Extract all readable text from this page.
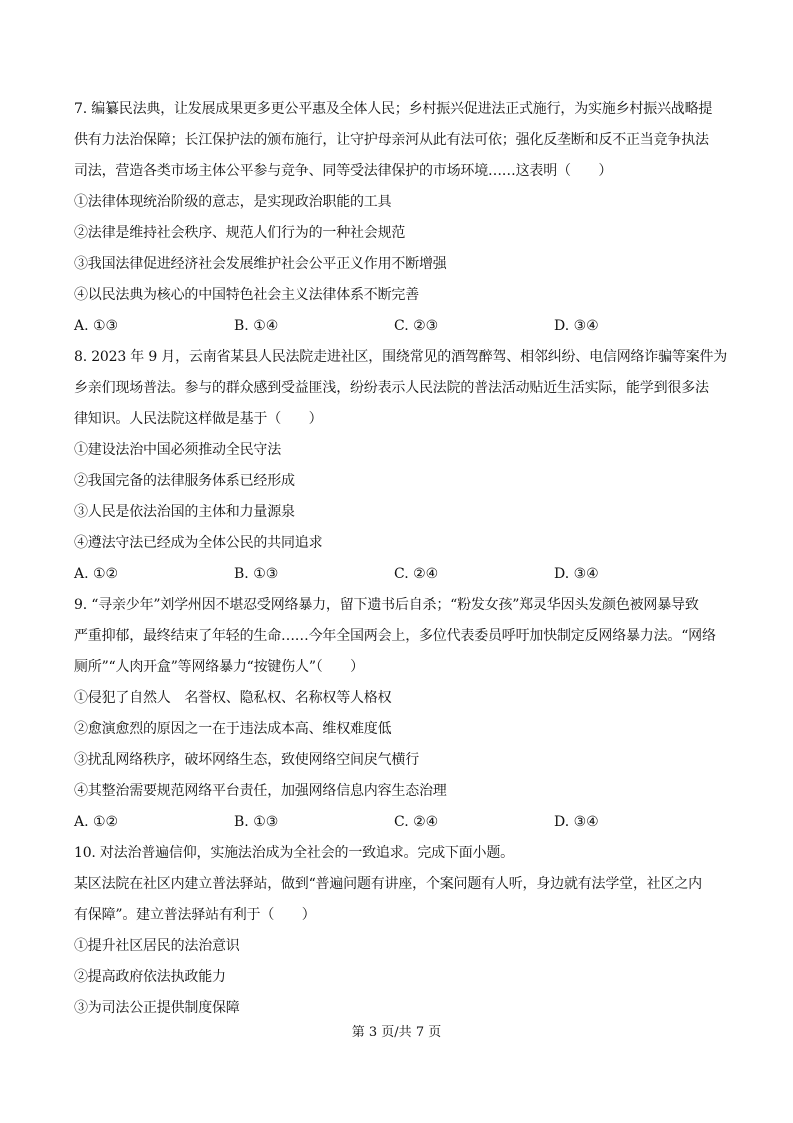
7. 编纂民法典，让发展成果更多更公平惠及全体人民；乡村振兴促进法正式施行，为实施乡村振兴战略提
供有力法治保障；长江保护法的颁布施行，让守护母亲河从此有法可依；强化反垄断和反不正当竞争执法
司法，营造各类市场主体公平参与竞争、同等受法律保护的市场环境……这表明（　　）
①法律体现统治阶级的意志，是实现政治职能的工具
②法律是维持社会秩序、规范人们行为的一种社会规范
③我国法律促进经济社会发展维护社会公平正义作用不断增强
④以民法典为核心的中国特色社会主义法律体系不断完善
A. ①③	B. ①④	C. ②③	D. ③④
8. 2023 年 9 月，云南省某县人民法院走进社区，围绕常见的酒驾醉驾、相邻纠纷、电信网络诈骗等案件为
乡亲们现场普法。参与的群众感到受益匪浅，纷纷表示人民法院的普法活动贴近生活实际，能学到很多法
律知识。人民法院这样做是基于（　　）
①建设法治中国必须推动全民守法
②我国完备的法律服务体系已经形成
③人民是依法治国的主体和力量源泉
④遵法守法已经成为全体公民的共同追求
A. ①②	B. ①③	C. ②④	D. ③④
9. “寻亲少年”刘学州因不堪忍受网络暴力，留下遗书后自杀；“粉发女孩”郑灵华因头发颜色被网暴导致
严重抑郁，最终结束了年轻的生命……今年全国两会上，多位代表委员呼吁加快制定反网络暴力法。“网络
厕所”“人肉开盒”等网络暴力“按键伤人”（　　）
①侵犯了自然人　名誉权、隐私权、名称权等人格权
②愈演愈烈的原因之一在于违法成本高、维权难度低
③扰乱网络秩序，破坏网络生态，致使网络空间戾气横行
④其整治需要规范网络平台责任，加强网络信息内容生态治理
A. ①②	B. ①③	C. ②④	D. ③④
10. 对法治普遍信仰，实施法治成为全社会的一致追求。完成下面小题。
某区法院在社区内建立普法驿站，做到“普遍问题有讲座，个案问题有人听，身边就有法学堂，社区之内
有保障”。建立普法驿站有利于（　　）
①提升社区居民的法治意识
②提高政府依法执政能力
③为司法公正提供制度保障
第 3 页/共 7 页
